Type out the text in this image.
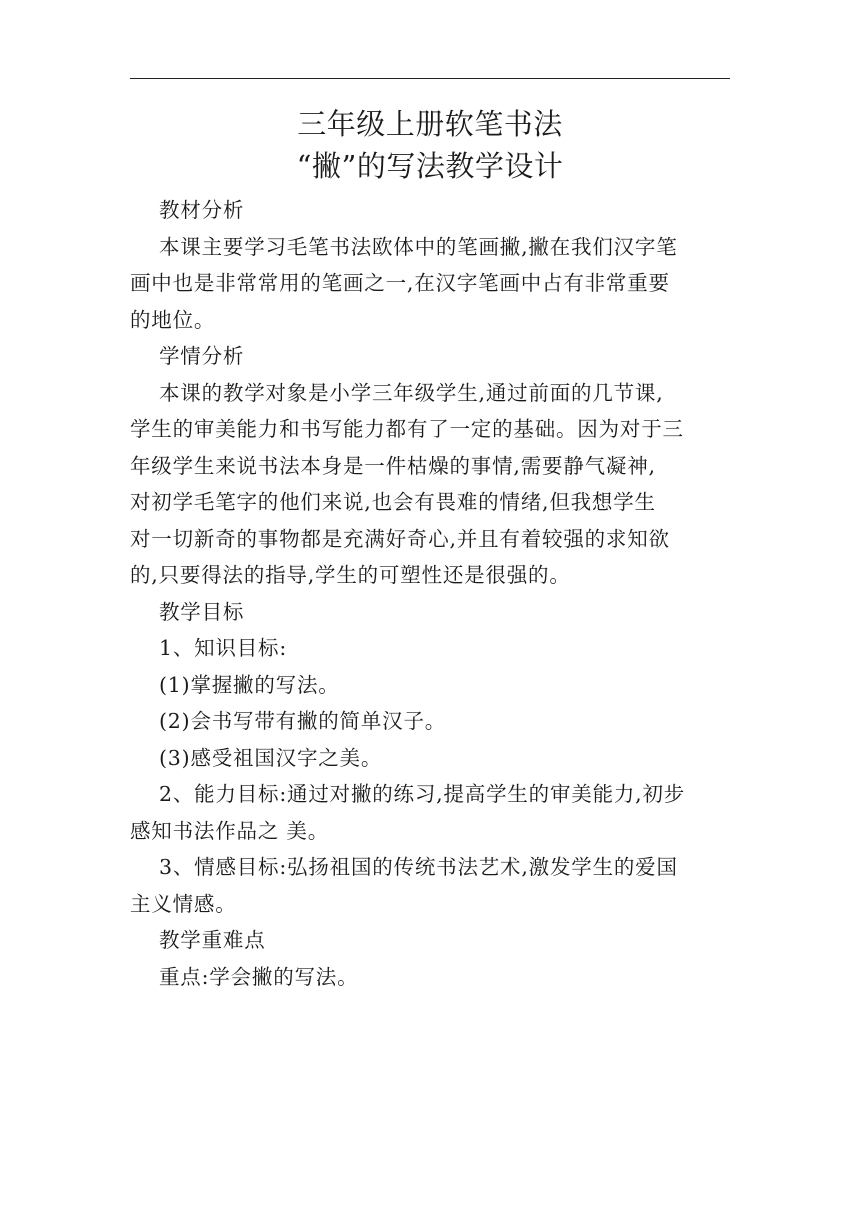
三年级上册软笔书法
“撇”的写法教学设计
教材分析
本课主要学习毛笔书法欧体中的笔画撇,撇在我们汉字笔
画中也是非常常用的笔画之一,在汉字笔画中占有非常重要
的地位。
学情分析
本课的教学对象是小学三年级学生,通过前面的几节课,
学生的审美能力和书写能力都有了一定的基础。因为对于三
年级学生来说书法本身是一件枯燥的事情,需要静气凝神,
对初学毛笔字的他们来说,也会有畏难的情绪,但我想学生
对一切新奇的事物都是充满好奇心,并且有着较强的求知欲
的,只要得法的指导,学生的可塑性还是很强的。
教学目标
1、知识目标:
(1)掌握撇的写法。
(2)会书写带有撇的简单汉子。
(3)感受祖国汉字之美。
2、能力目标:通过对撇的练习,提高学生的审美能力,初步
感知书法作品之 美。
3、情感目标:弘扬祖国的传统书法艺术,激发学生的爱国
主义情感。
教学重难点
重点:学会撇的写法。
